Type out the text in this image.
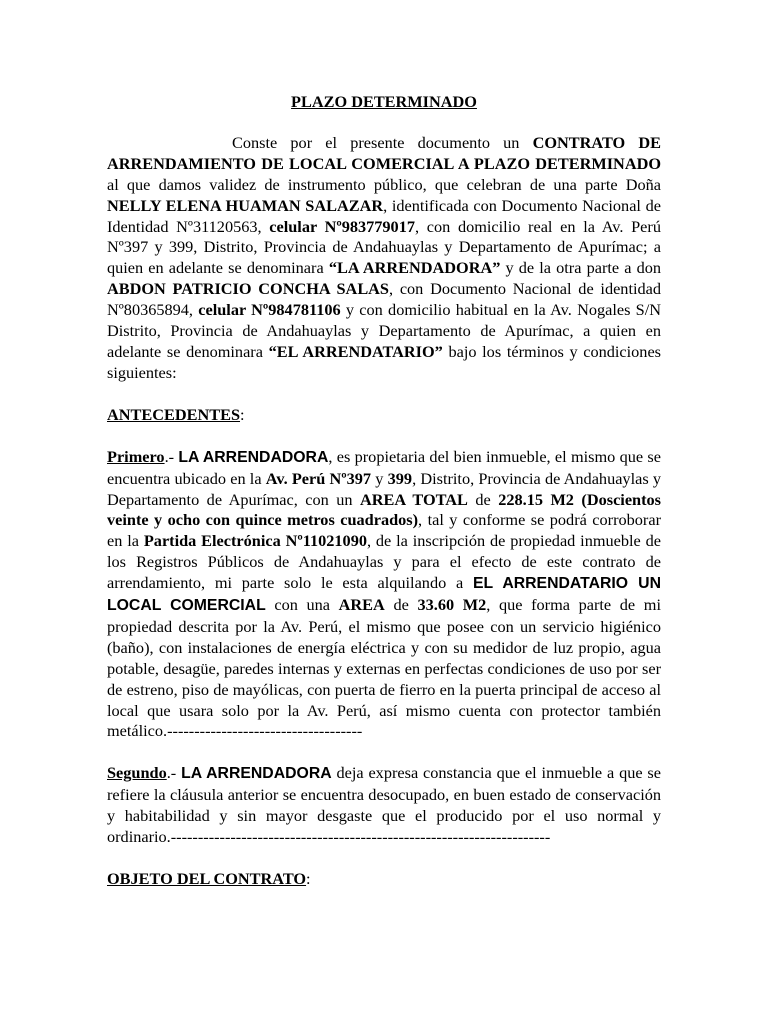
PLAZO DETERMINADO

Conste por el presente documento un CONTRATO DE ARRENDAMIENTO DE LOCAL COMERCIAL A PLAZO DETERMINADO al que damos validez de instrumento público, que celebran de una parte Doña NELLY ELENA HUAMAN SALAZAR, identificada con Documento Nacional de Identidad Nº31120563, celular Nº983779017, con domicilio real en la Av. Perú Nº397 y 399, Distrito, Provincia de Andahuaylas y Departamento de Apurímac; a quien en adelante se denominara “LA ARRENDADORA” y de la otra parte a don ABDON PATRICIO CONCHA SALAS, con Documento Nacional de identidad Nº80365894, celular Nº984781106 y con domicilio habitual en la Av. Nogales S/N Distrito, Provincia de Andahuaylas y Departamento de Apurímac, a quien en adelante se denominara “EL ARRENDATARIO” bajo los términos y condiciones siguientes:

ANTECEDENTES:

Primero.- LA ARRENDADORA, es propietaria del bien inmueble, el mismo que se encuentra ubicado en la Av. Perú Nº397 y 399, Distrito, Provincia de Andahuaylas y Departamento de Apurímac, con un AREA TOTAL de 228.15 M2 (Doscientos veinte y ocho con quince metros cuadrados), tal y conforme se podrá corroborar en la Partida Electrónica Nº11021090, de la inscripción de propiedad inmueble de los Registros Públicos de Andahuaylas y para el efecto de este contrato de arrendamiento, mi parte solo le esta alquilando a EL ARRENDATARIO UN LOCAL COMERCIAL con una AREA de 33.60 M2, que forma parte de mi propiedad descrita por la Av. Perú, el mismo que posee con un servicio higiénico (baño), con instalaciones de energía eléctrica y con su medidor de luz propio, agua potable, desagüe, paredes internas y externas en perfectas condiciones de uso por ser de estreno, piso de mayólicas, con puerta de fierro en la puerta principal de acceso al local que usara solo por la Av. Perú, así mismo cuenta con protector también metálico.------------------------------------

Segundo.- LA ARRENDADORA deja expresa constancia que el inmueble a que se refiere la cláusula anterior se encuentra desocupado, en buen estado de conservación y habitabilidad y sin mayor desgaste que el producido por el uso normal y ordinario.----------------------------------------------------------------------

OBJETO DEL CONTRATO:
